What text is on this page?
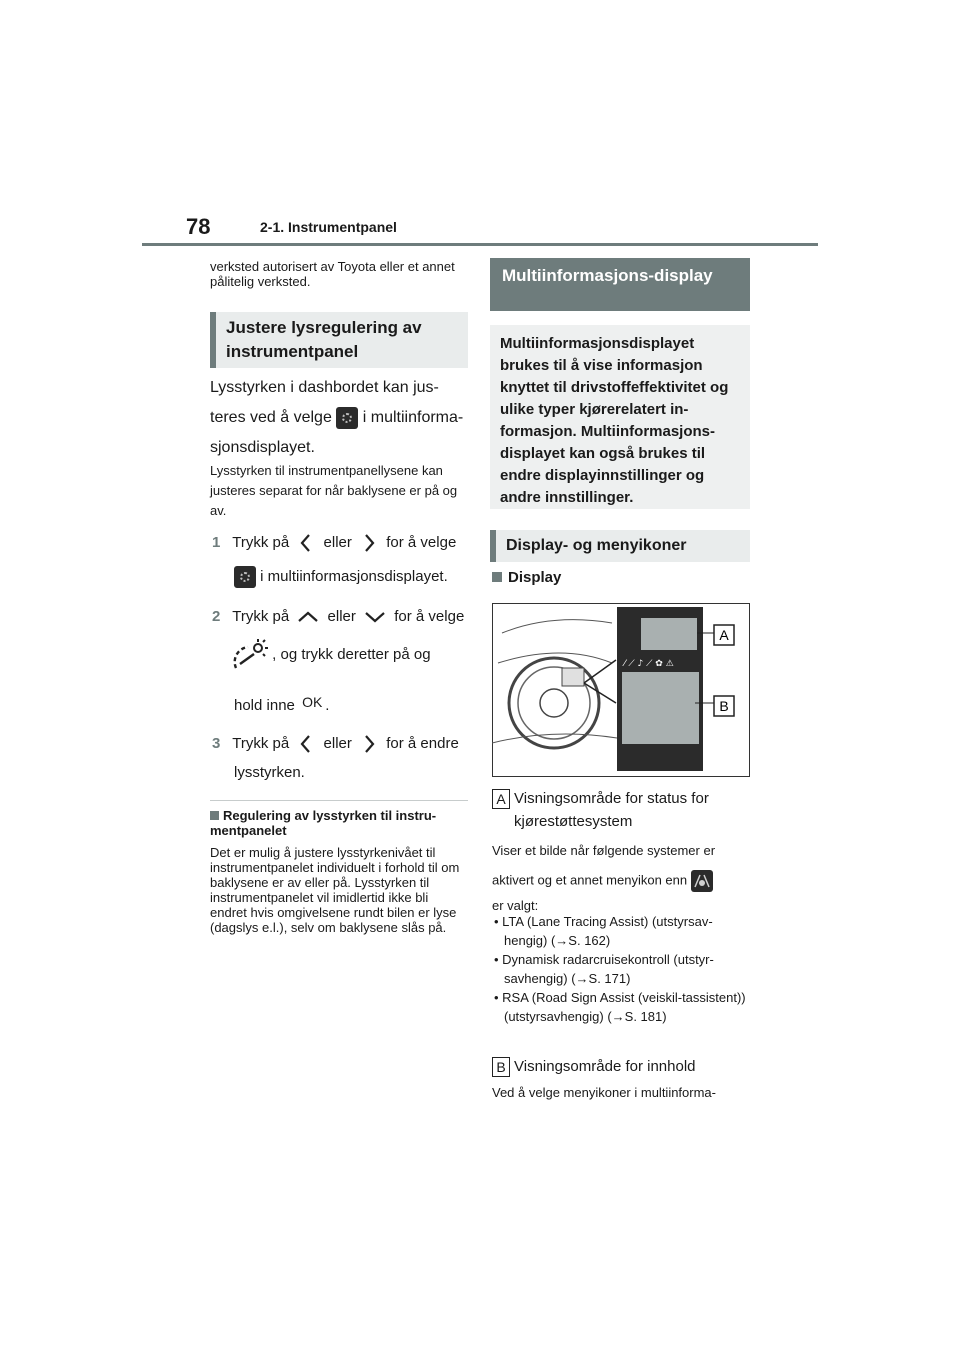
78	2-1. Instrumentpanel
verksted autorisert av Toyota eller et annet pålitelig verksted.
Justere lysregulering av instrumentpanel
Lysstyrken i dashbordet kan jus-
teres ved å velge i multiinforma-
sjonsdisplayet.
Lysstyrken til instrumentpanellysene kan justeres separat for når baklysene er på og av.
1 Trykk på eller for å velge
i multiinformasjonsdisplayet.
2 Trykk på	eller	for å velge
, og trykk deretter på og
hold inne OK .
3 Trykk på eller for å endre
lysstyrken.
Regulering av lysstyrken til instru-mentpanelet
Det er mulig å justere lysstyrkenivået til instrumentpanelet individuelt i forhold til om baklysene er av eller på. Lysstyrken til instrumentpanelet vil imidlertid ikke bli endret hvis omgivelsene rundt bilen er lyse (dagslys e.l.), selv om baklysene slås på.
Multiinformasjons-display
Multiinformasjonsdisplayet brukes til å vise informasjon knyttet til drivstoffeffektivitet og ulike typer kjørerelatert in-formasjon. Multiinformasjons-displayet kan også brukes til endre displayinnstillinger og andre innstillinger.
Display- og menyikoner
Display
⁄ ⟋ ♪ ⟋ ✿ ⚠
A
B
A Visningsområde for status for
kjørestøttesystem
Viser et bilde når følgende systemer er
aktivert og et annet menyikon enn
er valgt:
• LTA (Lane Tracing Assist) (utstyrsav-hengig) (→S. 162)
• Dynamisk radarcruisekontroll (utstyr-savhengig) (→S. 171)
• RSA (Road Sign Assist (veiskil-tassistent)) (utstyrsavhengig) (→S. 181)
B Visningsområde for innhold
Ved å velge menyikoner i multiinforma-
